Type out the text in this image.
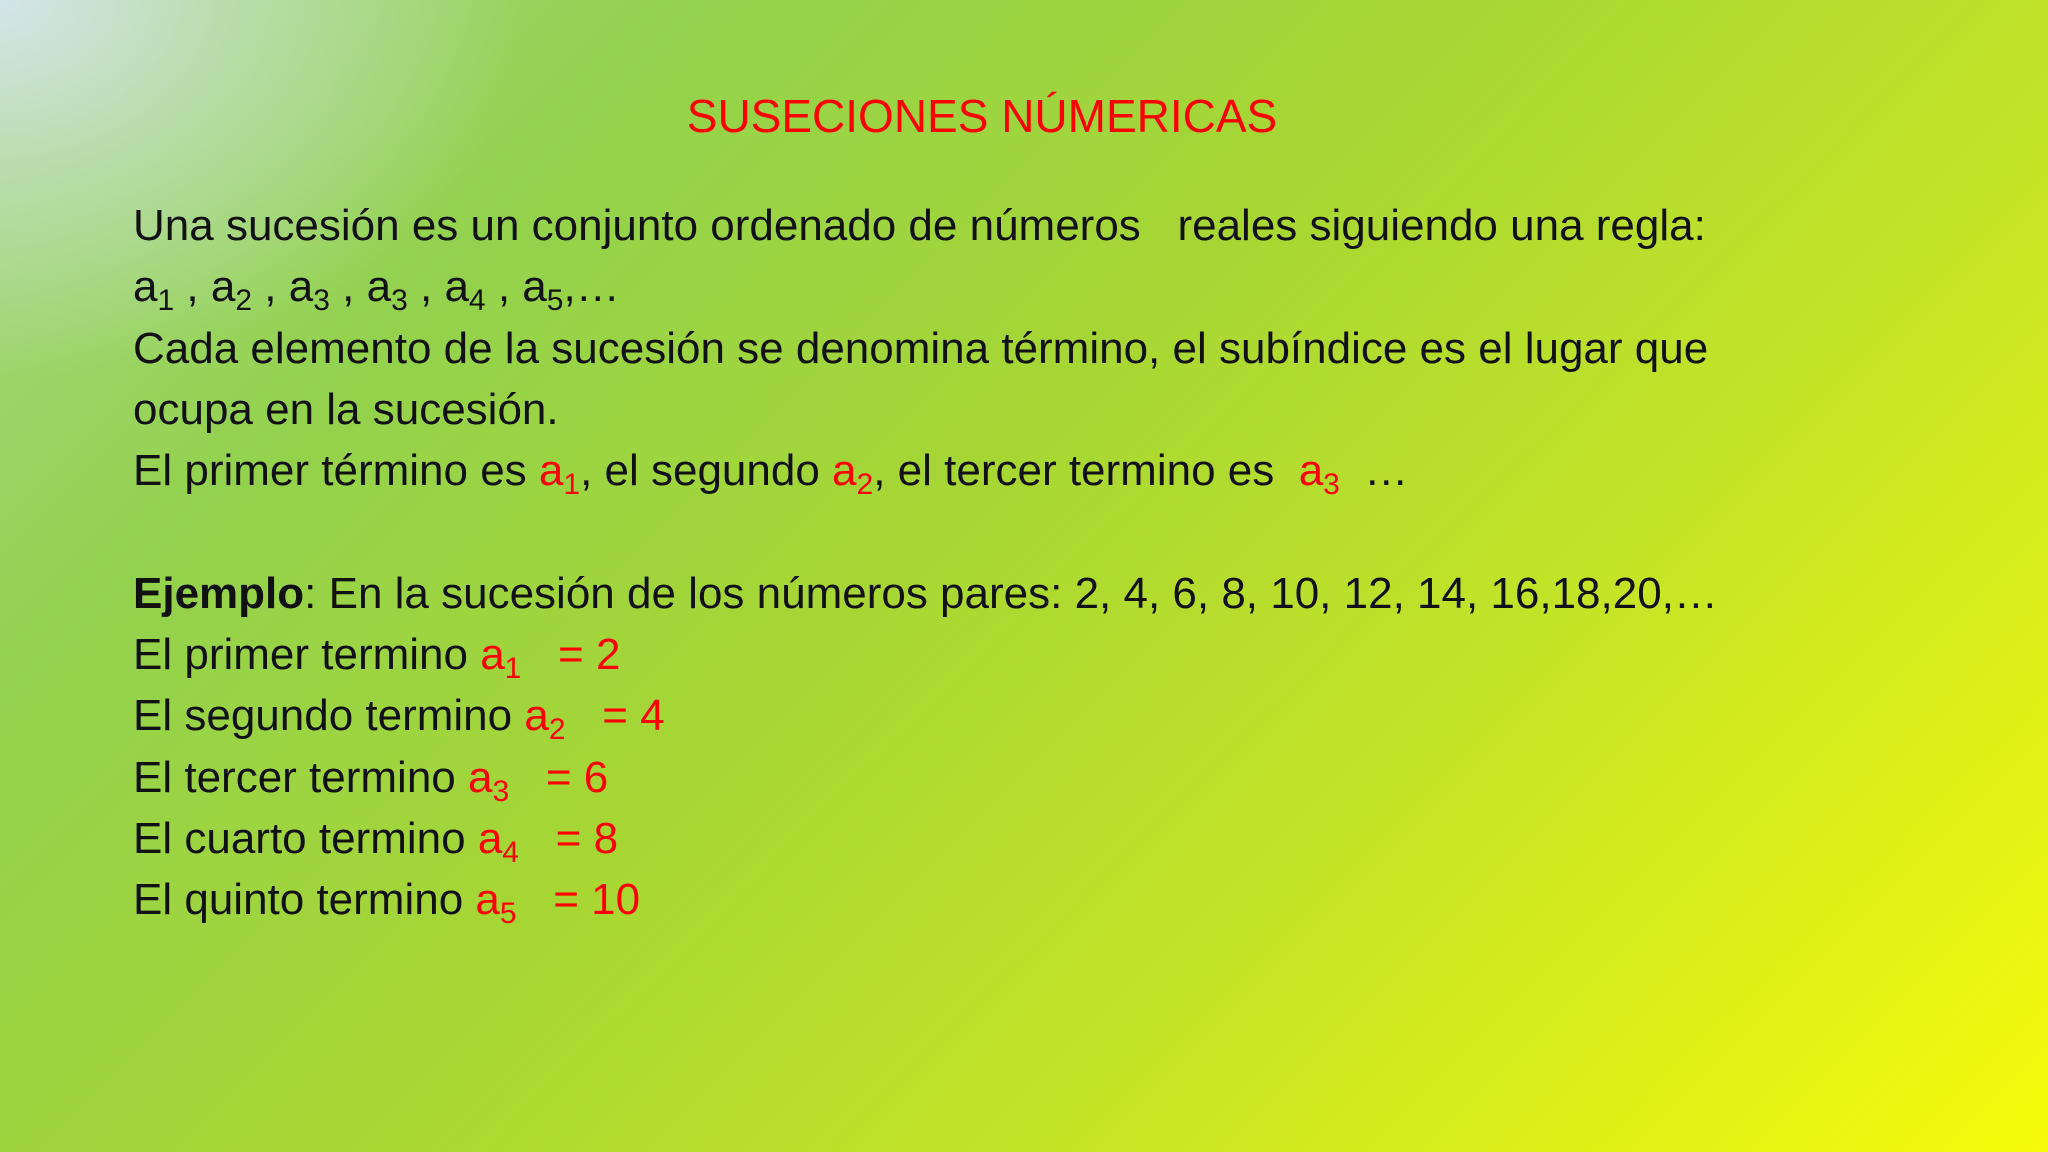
SUSECIONES NÚMERICAS
Una sucesión es un conjunto ordenado de números   reales siguiendo una regla:
$a_1$ , $a_2$ , $a_3$ , $a_3$ , $a_4$ , $a_5,\dots$
Cada elemento de la sucesión se denomina término, el subíndice es el lugar que
ocupa en la sucesión.
El primer término es $a_1$, el segundo $a_2$, el tercer termino es  $a_3$  …
Ejemplo: En la sucesión de los números pares: 2, 4, 6, 8, 10, 12, 14, 16,18,20,…
El primer termino $a_1 = 2$
El segundo termino $a_2 = 4$
El tercer termino $a_3 = 6$
El cuarto termino $a_4 = 8$
El quinto termino $a_5 = 10$
